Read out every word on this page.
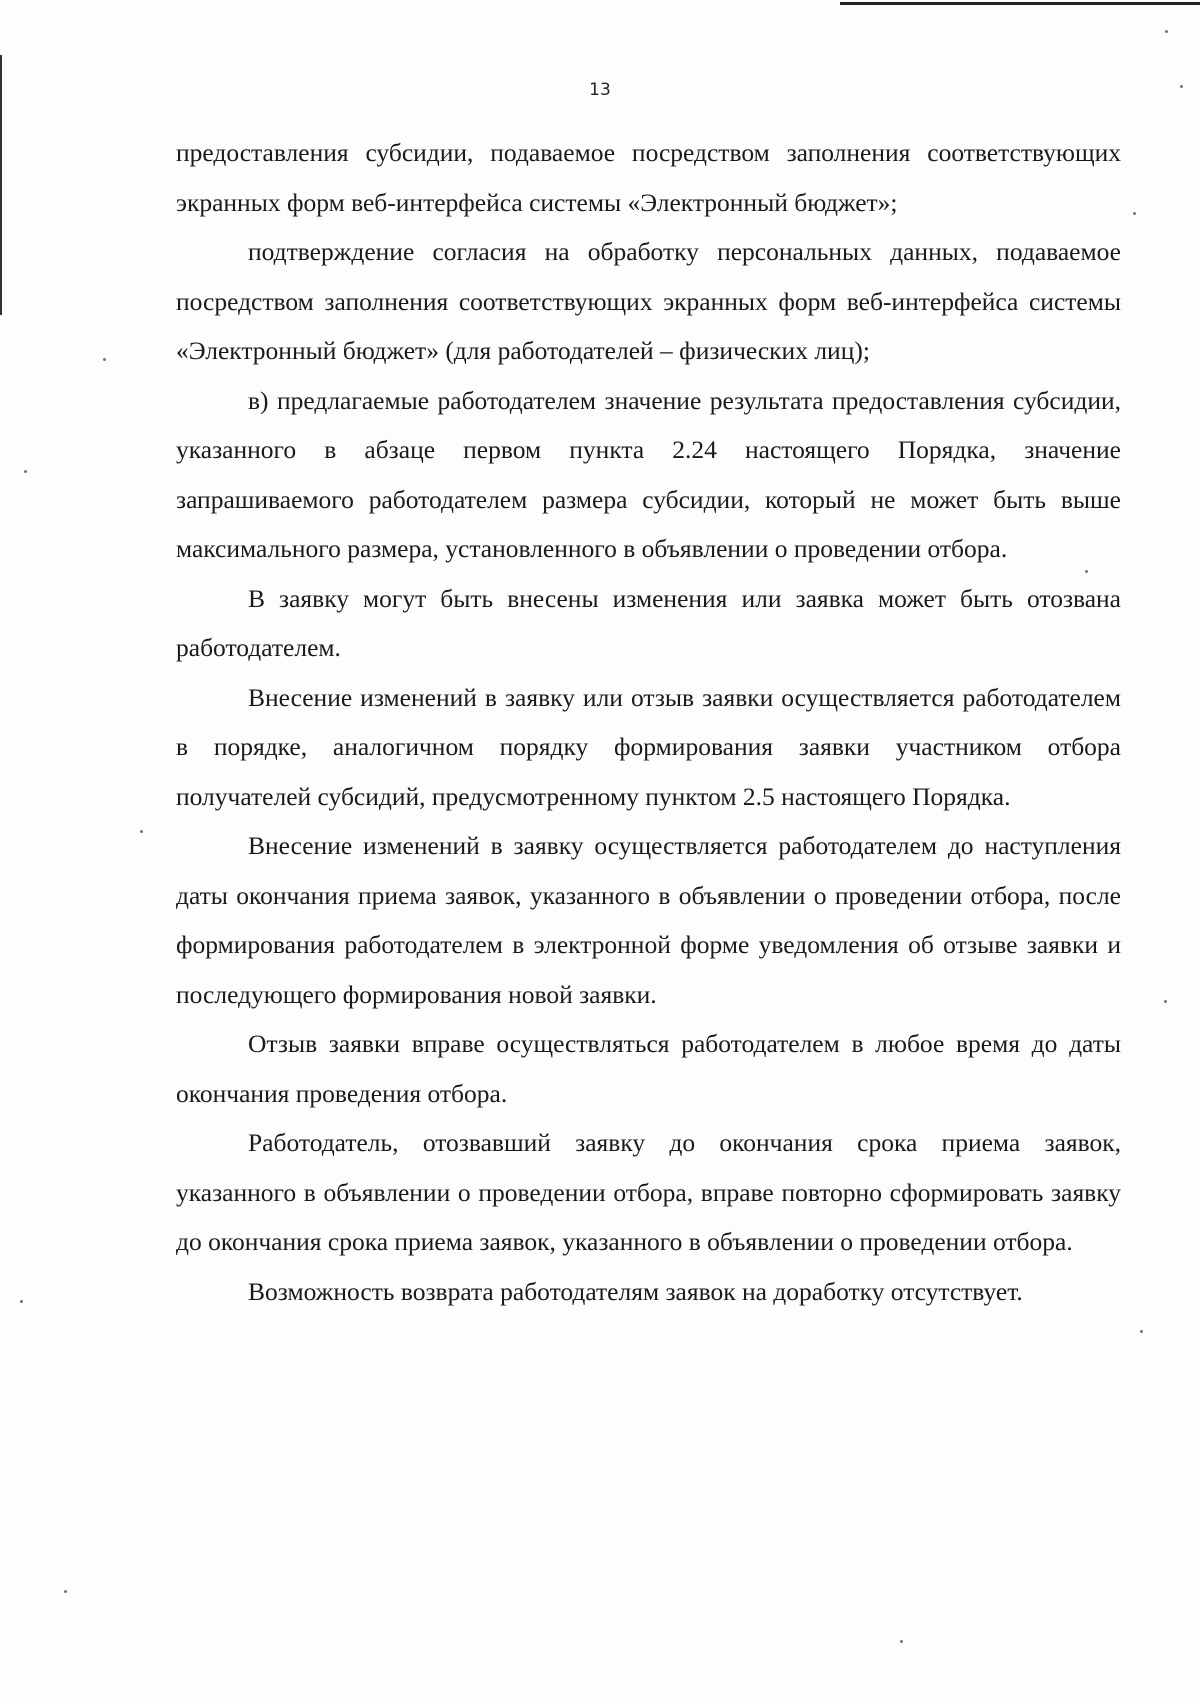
13

предоставления субсидии, подаваемое посредством заполнения соответствующих экранных форм веб-интерфейса системы «Электронный бюджет»;

подтверждение согласия на обработку персональных данных, подаваемое посредством заполнения соответствующих экранных форм веб-интерфейса системы «Электронный бюджет» (для работодателей – физических лиц);

в) предлагаемые работодателем значение результата предоставления субсидии, указанного в абзаце первом пункта 2.24 настоящего Порядка, значение запрашиваемого работодателем размера субсидии, который не может быть выше максимального размера, установленного в объявлении о проведении отбора.

В заявку могут быть внесены изменения или заявка может быть отозвана работодателем.

Внесение изменений в заявку или отзыв заявки осуществляется работодателем в порядке, аналогичном порядку формирования заявки участником отбора получателей субсидий, предусмотренному пунктом 2.5 настоящего Порядка.

Внесение изменений в заявку осуществляется работодателем до наступления даты окончания приема заявок, указанного в объявлении о проведении отбора, после формирования работодателем в электронной форме уведомления об отзыве заявки и последующего формирования новой заявки.

Отзыв заявки вправе осуществляться работодателем в любое время до даты окончания проведения отбора.

Работодатель, отозвавший заявку до окончания срока приема заявок, указанного в объявлении о проведении отбора, вправе повторно сформировать заявку до окончания срока приема заявок, указанного в объявлении о проведении отбора.

Возможность возврата работодателям заявок на доработку отсутствует.
